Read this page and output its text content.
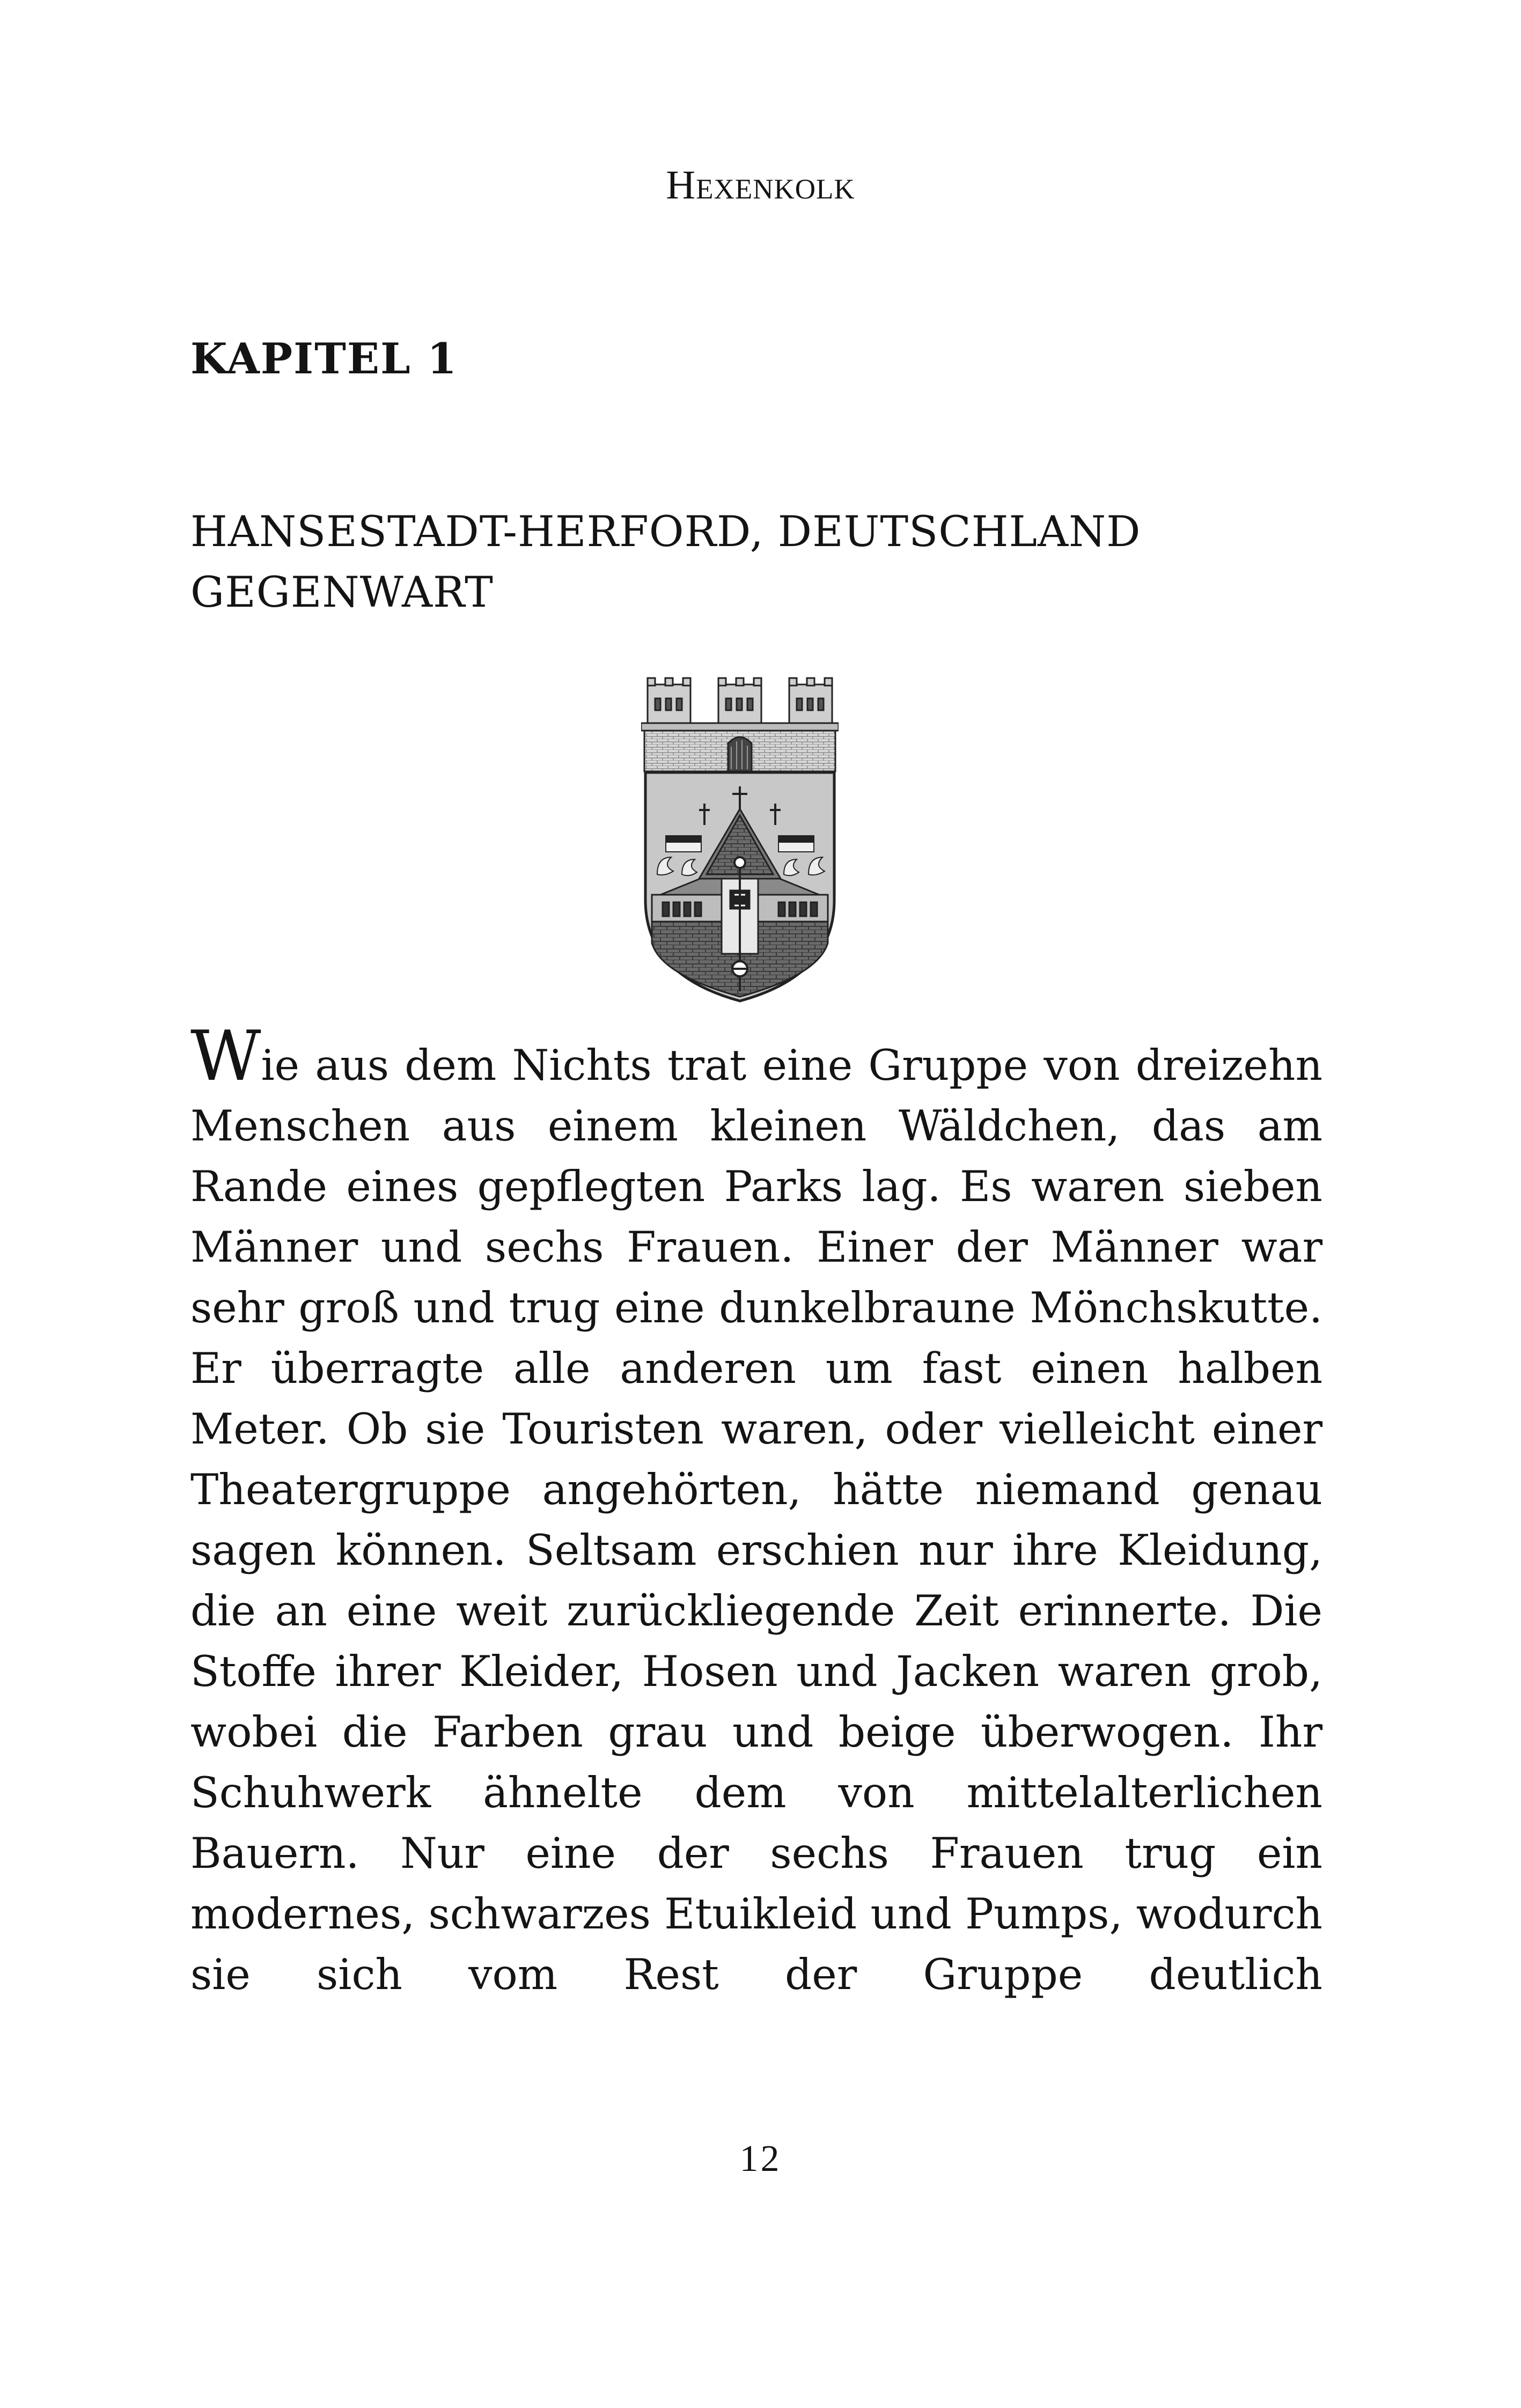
Hexenkolk
KAPITEL 1
HANSESTADT-HERFORD, DEUTSCHLAND
GEGENWART

Wie aus dem Nichts trat eine Gruppe von dreizehn Menschen aus einem kleinen Wäldchen, das am Rande eines gepflegten Parks lag. Es waren sieben Männer und sechs Frauen. Einer der Männer war sehr groß und trug eine dunkelbraune Mönchskutte. Er überragte alle anderen um fast einen halben Meter. Ob sie Touristen waren, oder vielleicht einer Theatergruppe angehörten, hätte niemand genau sagen können. Seltsam erschien nur ihre Kleidung, die an eine weit zurückliegende Zeit erinnerte. Die Stoffe ihrer Kleider, Hosen und Jacken waren grob, wobei die Farben grau und beige überwogen. Ihr Schuhwerk ähnelte dem von mittelalterlichen Bauern. Nur eine der sechs Frauen trug ein modernes, schwarzes Etuikleid und Pumps, wodurch sie sich vom Rest der Gruppe deutlich

12
